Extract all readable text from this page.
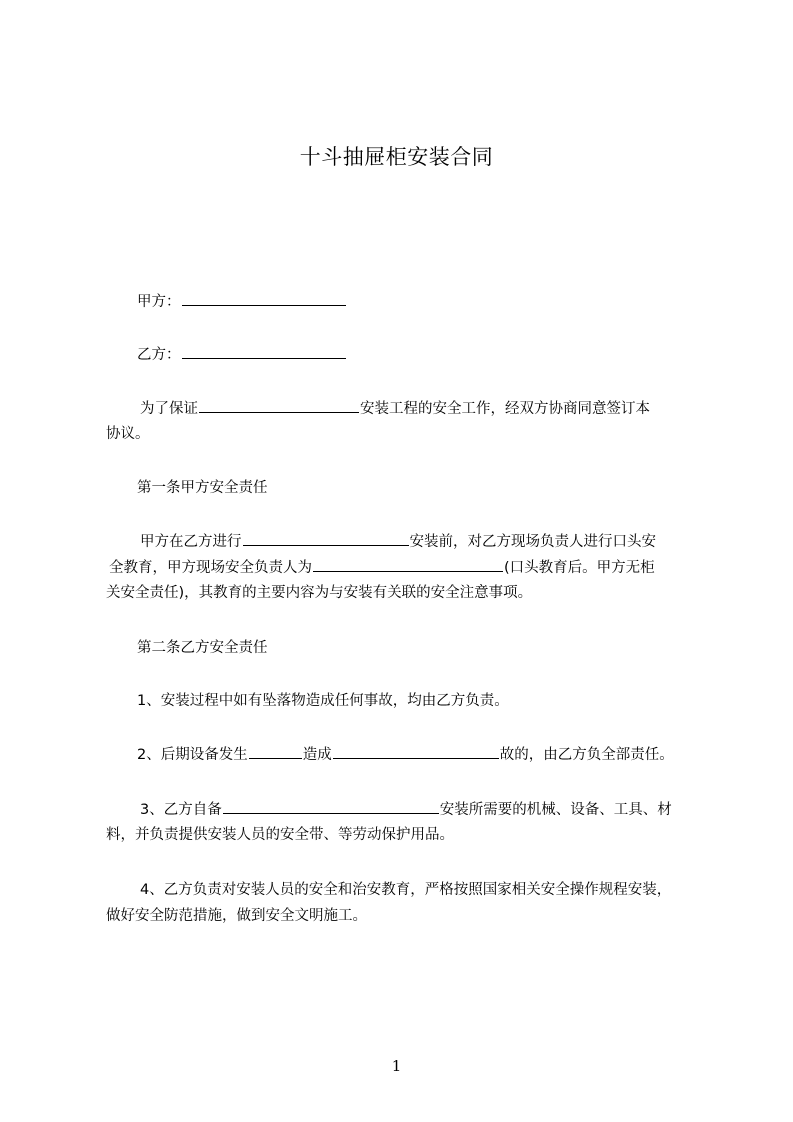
十斗抽屉柜安装合同
甲方：
乙方：
为了保证	安装工程的安全工作，经双方协商同意签订本
协议。
第一条甲方安全责任
甲方在乙方进行	安装前，对乙方现场负责人进行口头安
全教育，甲方现场安全负责人为	(口头教育后。甲方无柜
关安全责任)，其教育的主要内容为与安装有关联的安全注意事项。
第二条乙方安全责任
1、安装过程中如有坠落物造成任何事故，均由乙方负责。
2、后期设备发生	造成	故的，由乙方负全部责任。
3、乙方自备	安装所需要的机械、设备、工具、材
料，并负责提供安装人员的安全带、等劳动保护用品。
4、乙方负责对安装人员的安全和治安教育，严格按照国家相关安全操作规程安装，
做好安全防范措施，做到安全文明施工。
1
